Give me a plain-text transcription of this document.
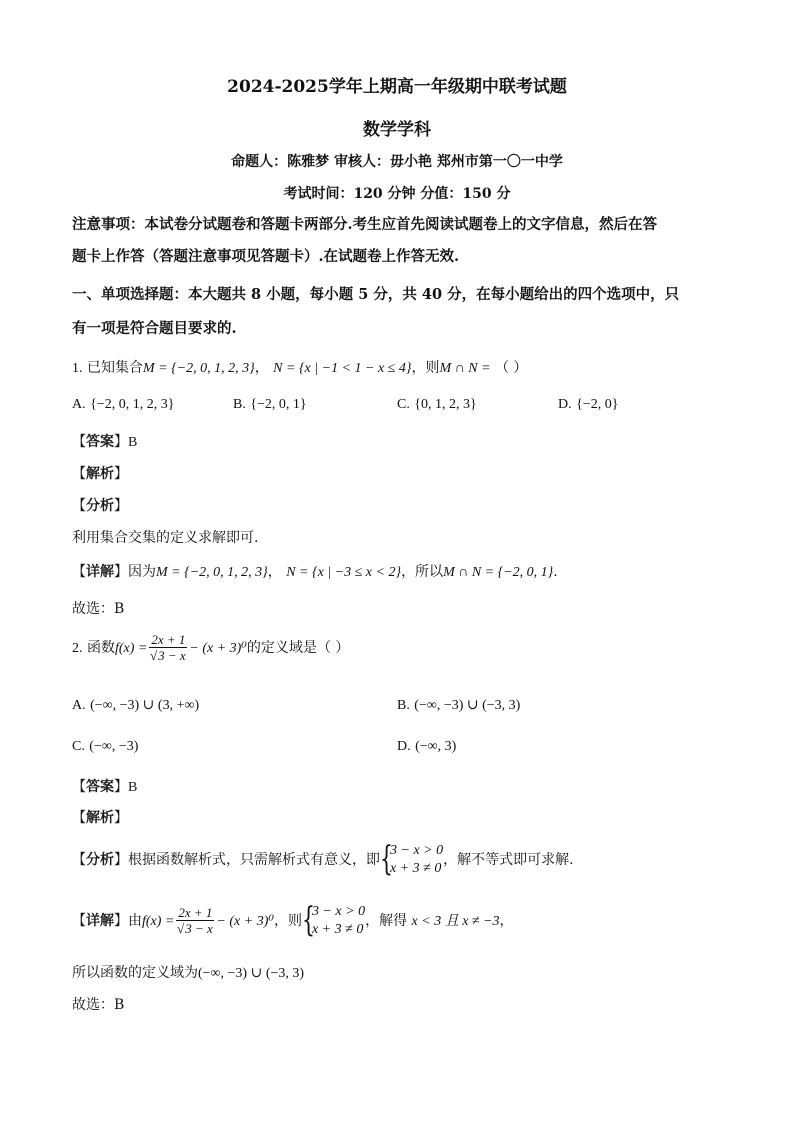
2024-2025学年上期高一年级期中联考试题
数学学科
命题人：陈雅梦 审核人：毋小艳 郑州市第一〇一中学
考试时间：120 分钟 分值：150 分
注意事项：本试卷分试题卷和答题卡两部分.考生应首先阅读试题卷上的文字信息，然后在答
题卡上作答（答题注意事项见答题卡）.在试题卷上作答无效.
一、单项选择题：本大题共 8 小题，每小题 5 分，共 40 分，在每小题给出的四个选项中，只
有一项是符合题目要求的.
1. 已知集合M = {−2, 0, 1, 2, 3}， N = {x | −1 < 1 − x ≤ 4}，则M ∩ N = （ ）
A. {−2, 0, 1, 2, 3}	B. {−2, 0, 1}	C. {0, 1, 2, 3}	D. {−2, 0}
【答案】B
【解析】
【分析】
利用集合交集的定义求解即可.
【详解】因为M = {−2, 0, 1, 2, 3}， N = {x | −3 ≤ x < 2}，所以M ∩ N = {−2, 0, 1}.
故选：B
2. 函数$f(x) = \frac{2x + 1}{√3 - x} - (x + 3)^0$的定义域是（ ）
A. (−∞, −3) ∪ (3, +∞)	B. (−∞, −3) ∪ (−3, 3)
C. (−∞, −3)	D. (−∞, 3)
【答案】B
【解析】
【分析】根据函数解析式，只需解析式有意义，即 {
3 − x > 0
x + 3 ≠ 0
，解不等式即可求解.
【详解】由$f(x) = \frac{2x + 1}{√3 - x} - (x + 3)^0$，则 {
3 − x > 0
x + 3 ≠ 0
，解得 x < 3 且 x ≠ −3，
所以函数的定义域为(−∞, −3) ∪ (−3, 3)
故选：B
